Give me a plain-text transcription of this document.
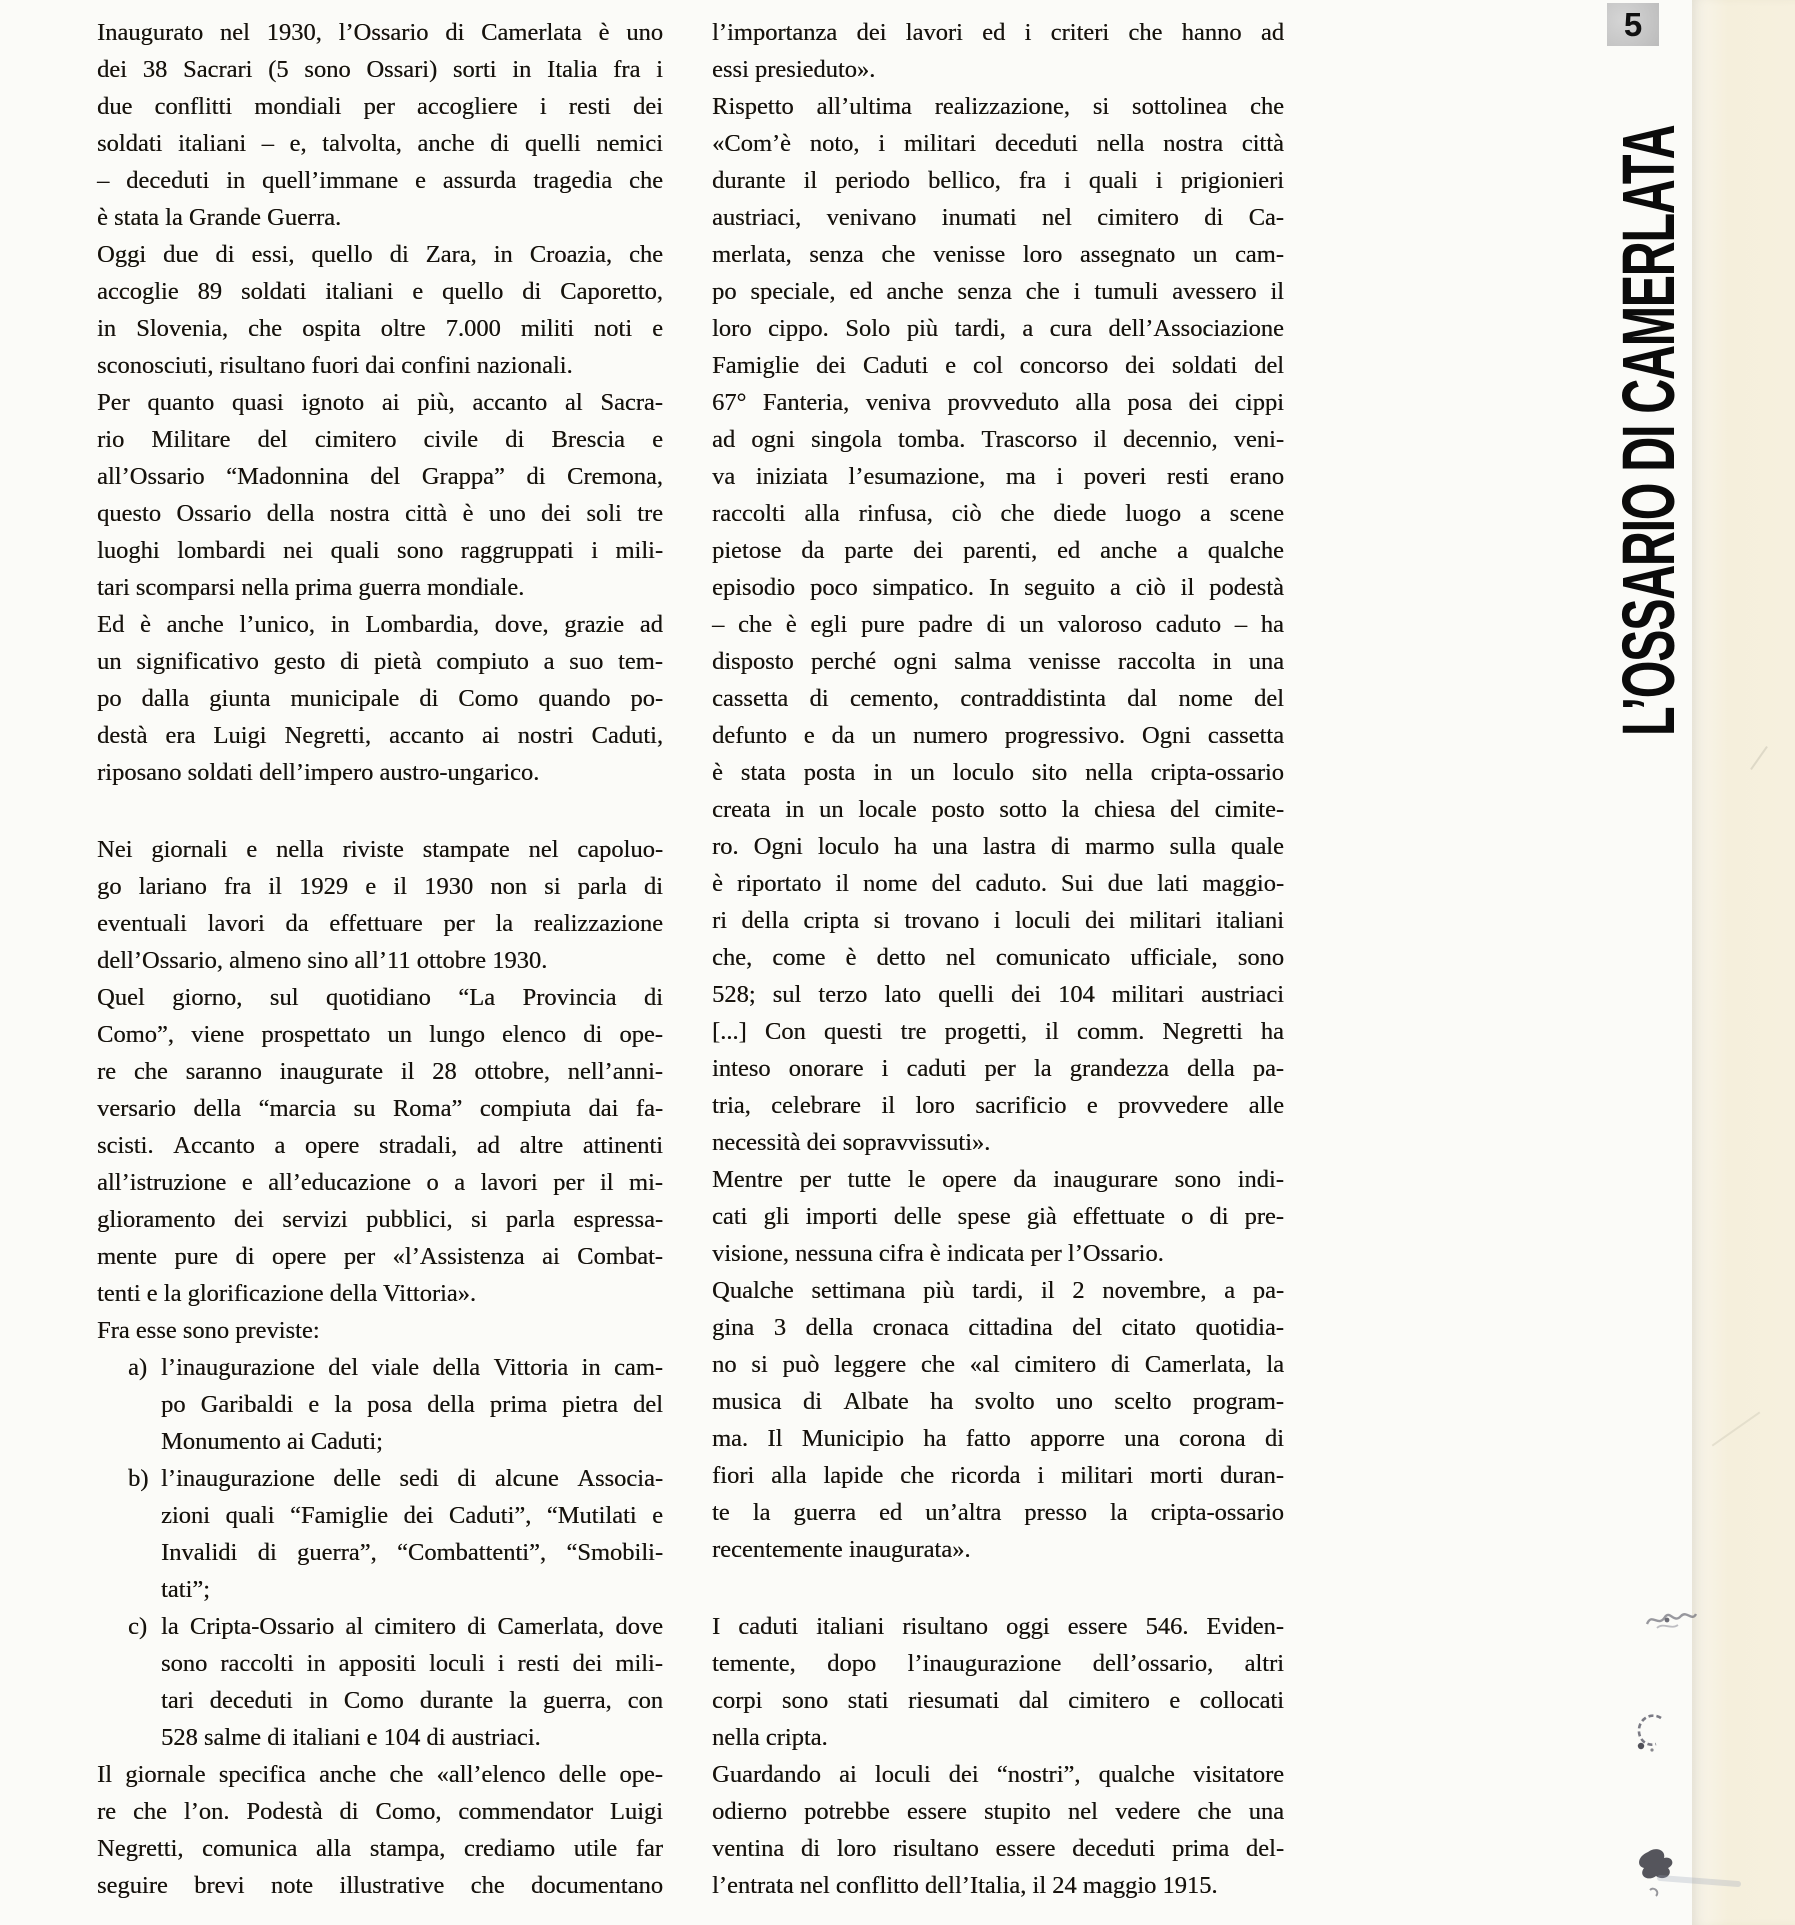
Inaugurato nel 1930, l’Ossario di Camerlata è uno
dei 38 Sacrari (5 sono Ossari) sorti in Italia fra i
due conflitti mondiali per accogliere i resti dei
soldati italiani – e, talvolta, anche di quelli nemici
– deceduti in quell’immane e assurda tragedia che
è stata la Grande Guerra.
Oggi due di essi, quello di Zara, in Croazia, che
accoglie 89 soldati italiani e quello di Caporetto,
in Slovenia, che ospita oltre 7.000 militi noti e
sconosciuti, risultano fuori dai confini nazionali.
Per quanto quasi ignoto ai più, accanto al Sacra-
rio Militare del cimitero civile di Brescia e
all’Ossario “Madonnina del Grappa” di Cremona,
questo Ossario della nostra città è uno dei soli tre
luoghi lombardi nei quali sono raggruppati i mili-
tari scomparsi nella prima guerra mondiale.
Ed è anche l’unico, in Lombardia, dove, grazie ad
un significativo gesto di pietà compiuto a suo tem-
po dalla giunta municipale di Como quando po-
destà era Luigi Negretti, accanto ai nostri Caduti,
riposano soldati dell’impero austro-ungarico.
Nei giornali e nella riviste stampate nel capoluo-
go lariano fra il 1929 e il 1930 non si parla di
eventuali lavori da effettuare per la realizzazione
dell’Ossario, almeno sino all’11 ottobre 1930.
Quel giorno, sul quotidiano “La Provincia di
Como”, viene prospettato un lungo elenco di ope-
re che saranno inaugurate il 28 ottobre, nell’anni-
versario della “marcia su Roma” compiuta dai fa-
scisti. Accanto a opere stradali, ad altre attinenti
all’istruzione e all’educazione o a lavori per il mi-
glioramento dei servizi pubblici, si parla espressa-
mente pure di opere per «l’Assistenza ai Combat-
tenti e la glorificazione della Vittoria».
Fra esse sono previste:
a) l’inaugurazione del viale della Vittoria in cam-
po Garibaldi e la posa della prima pietra del
Monumento ai Caduti;
b) l’inaugurazione delle sedi di alcune Associa-
zioni quali “Famiglie dei Caduti”, “Mutilati e
Invalidi di guerra”, “Combattenti”, “Smobili-
tati”;
c) la Cripta-Ossario al cimitero di Camerlata, dove
sono raccolti in appositi loculi i resti dei mili-
tari deceduti in Como durante la guerra, con
528 salme di italiani e 104 di austriaci.
Il giornale specifica anche che «all’elenco delle ope-
re che l’on. Podestà di Como, commendator Luigi
Negretti, comunica alla stampa, crediamo utile far
seguire brevi note illustrative che documentano
l’importanza dei lavori ed i criteri che hanno ad
essi presieduto».
Rispetto all’ultima realizzazione, si sottolinea che
«Com’è noto, i militari deceduti nella nostra città
durante il periodo bellico, fra i quali i prigionieri
austriaci, venivano inumati nel cimitero di Ca-
merlata, senza che venisse loro assegnato un cam-
po speciale, ed anche senza che i tumuli avessero il
loro cippo. Solo più tardi, a cura dell’Associazione
Famiglie dei Caduti e col concorso dei soldati del
67° Fanteria, veniva provveduto alla posa dei cippi
ad ogni singola tomba. Trascorso il decennio, veni-
va iniziata l’esumazione, ma i poveri resti erano
raccolti alla rinfusa, ciò che diede luogo a scene
pietose da parte dei parenti, ed anche a qualche
episodio poco simpatico. In seguito a ciò il podestà
– che è egli pure padre di un valoroso caduto – ha
disposto perché ogni salma venisse raccolta in una
cassetta di cemento, contraddistinta dal nome del
defunto e da un numero progressivo. Ogni cassetta
è stata posta in un loculo sito nella cripta-ossario
creata in un locale posto sotto la chiesa del cimite-
ro. Ogni loculo ha una lastra di marmo sulla quale
è riportato il nome del caduto. Sui due lati maggio-
ri della cripta si trovano i loculi dei militari italiani
che, come è detto nel comunicato ufficiale, sono
528; sul terzo lato quelli dei 104 militari austriaci
[...] Con questi tre progetti, il comm. Negretti ha
inteso onorare i caduti per la grandezza della pa-
tria, celebrare il loro sacrificio e provvedere alle
necessità dei sopravvissuti».
Mentre per tutte le opere da inaugurare sono indi-
cati gli importi delle spese già effettuate o di pre-
visione, nessuna cifra è indicata per l’Ossario.
Qualche settimana più tardi, il 2 novembre, a pa-
gina 3 della cronaca cittadina del citato quotidia-
no si può leggere che «al cimitero di Camerlata, la
musica di Albate ha svolto uno scelto program-
ma. Il Municipio ha fatto apporre una corona di
fiori alla lapide che ricorda i militari morti duran-
te la guerra ed un’altra presso la cripta-ossario
recentemente inaugurata».
I caduti italiani risultano oggi essere 546. Eviden-
temente, dopo l’inaugurazione dell’ossario, altri
corpi sono stati riesumati dal cimitero e collocati
nella cripta.
Guardando ai loculi dei “nostri”, qualche visitatore
odierno potrebbe essere stupito nel vedere che una
ventina di loro risultano essere deceduti prima del-
l’entrata nel conflitto dell’Italia, il 24 maggio 1915.
5
L’OSSARIO DI CAMERLATA
